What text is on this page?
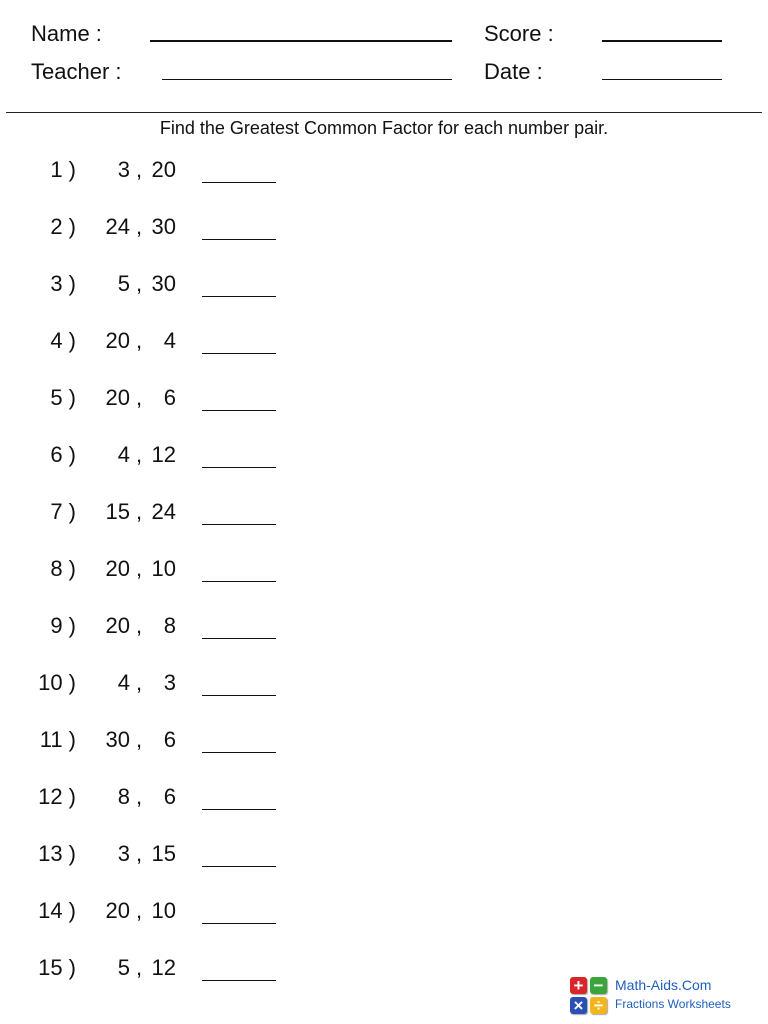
Name :
Teacher :
Score :
Date :
Find the Greatest Common Factor for each number pair.
1 ) 3 , 20
2 ) 24 , 30
3 ) 5 , 30
4 ) 20 , 4
5 ) 20 , 6
6 ) 4 , 12
7 ) 15 , 24
8 ) 20 , 10
9 ) 20 , 8
10 ) 4 , 3
11 ) 30 , 6
12 ) 8 , 6
13 ) 3 , 15
14 ) 20 , 10
15 ) 5 , 12
+ −
× ÷
Math-Aids.Com
Fractions Worksheets
